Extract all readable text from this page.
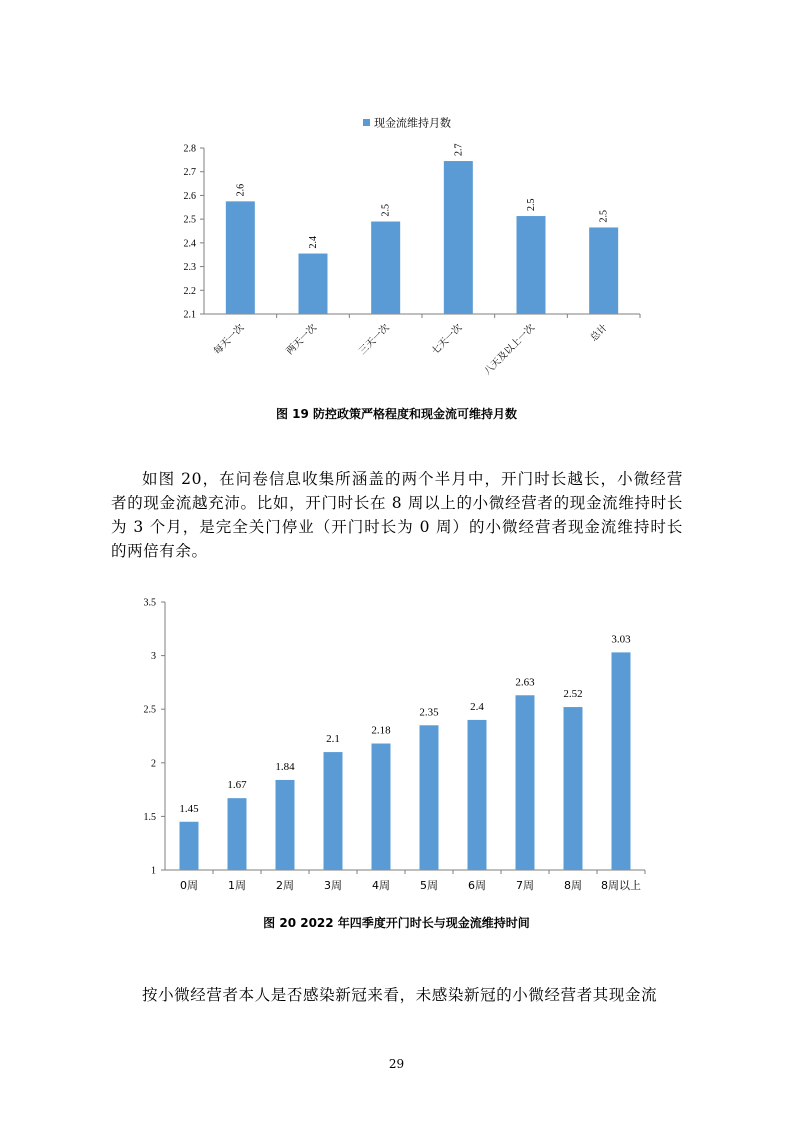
现金流维持月数
2.1
2.2
2.3
2.4
2.5
2.6
2.7
2.8
2.6
每天一次
2.4
两天一次
2.5
三天一次
2.7
七天一次
2.5
八天及以上一次
2.5
总计
图 19 防控政策严格程度和现金流可维持月数

如图 20，在问卷信息收集所涵盖的两个半月中，开门时长越长，小微经营者的现金流越充沛。比如，开门时长在 8 周以上的小微经营者的现金流维持时长为 3 个月，是完全关门停业（开门时长为 0 周）的小微经营者现金流维持时长的两倍有余。

1
1.5
2
2.5
3
3.5
1.45
0周
1.67
1周
1.84
2周
2.1
3周
2.18
4周
2.35
5周
2.4
6周
2.63
7周
2.52
8周
3.03
8周以上
图 20 2022 年四季度开门时长与现金流维持时间

按小微经营者本人是否感染新冠来看，未感染新冠的小微经营者其现金流

29
